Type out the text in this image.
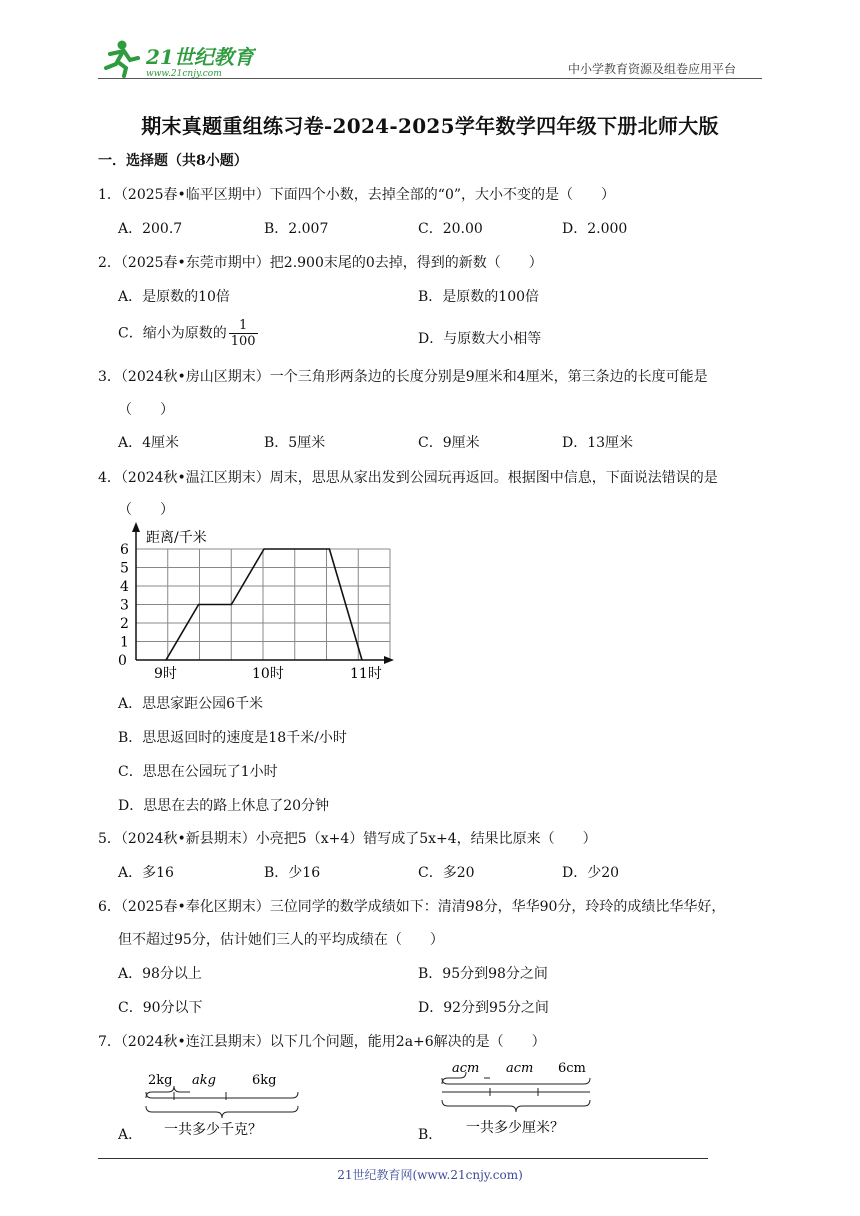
21世纪教育
www.21cnjy.com	中小学教育资源及组卷应用平台
期末真题重组练习卷-2024-2025学年数学四年级下册北师大版
一．选择题（共8小题）
1．（2025春•临平区期中）下面四个小数，去掉全部的“0”，大小不变的是（　　）
A．200.7	B．2.007	C．20.00	D．2.000
2．（2025春•东莞市期中）把2.900末尾的0去掉，得到的新数（　　）
A．是原数的10倍	B．是原数的100倍
C．缩小为原数的 $\frac{1}{100}$	D．与原数大小相等
3．（2024秋•房山区期末）一个三角形两条边的长度分别是9厘米和4厘米，第三条边的长度可能是
（　　）
A．4厘米	B．5厘米	C．9厘米	D．13厘米
4．（2024秋•温江区期末）周末，思思从家出发到公园玩再返回。根据图中信息，下面说法错误的是
（　　）
距离/千米
0
1
2
3
4
5
6
9时	10时	11时
A．思思家距公园6千米
B．思思返回时的速度是18千米/小时
C．思思在公园玩了1小时
D．思思在去的路上休息了20分钟
5．（2024秋•新县期末）小亮把5（x+4）错写成了5x+4，结果比原来（　　）
A．多16	B．少16	C．多20	D．少20
6．（2025春•奉化区期末）三位同学的数学成绩如下：清清98分，华华90分，玲玲的成绩比华华好，
但不超过95分，估计她们三人的平均成绩在（　　）
A．98分以上	B．95分到98分之间
C．90分以下	D．92分到95分之间
7．（2024秋•连江县期末）以下几个问题，能用2a+6解决的是（　　）
A．
2kg akg	6kg
一共多少千克？	B．
acm acm 6cm
一共多少厘米？
21世纪教育网(www.21cnjy.com)
